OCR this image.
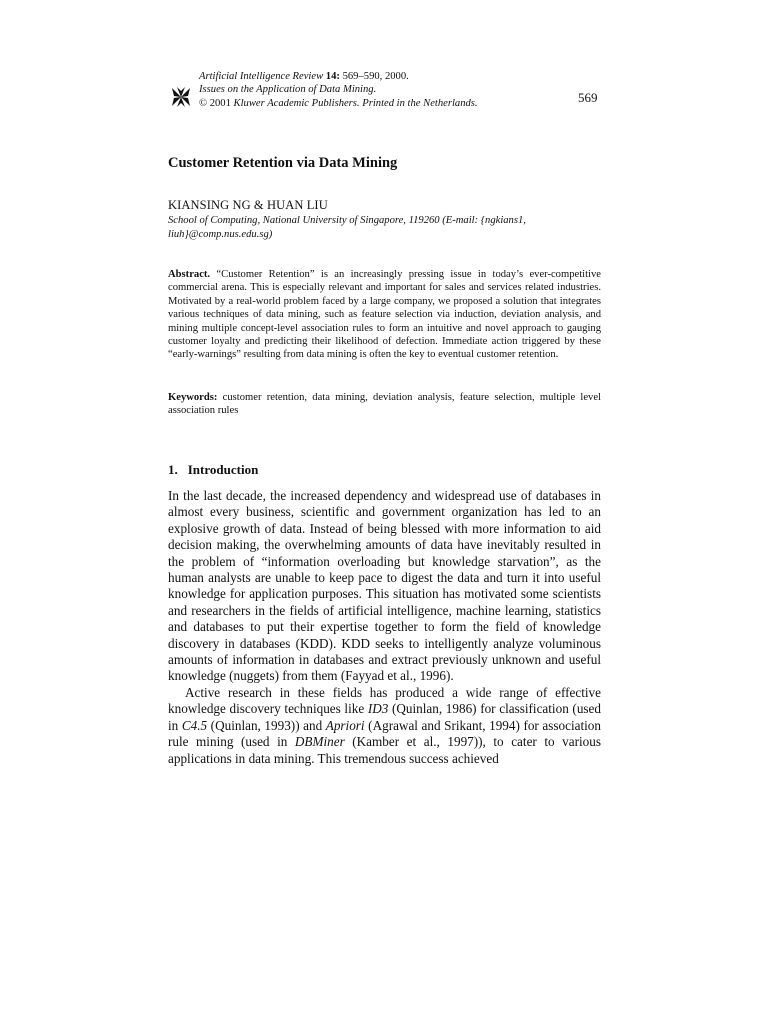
Artificial Intelligence Review 14: 569–590, 2000.
Issues on the Application of Data Mining.
© 2001 Kluwer Academic Publishers. Printed in the Netherlands.	569
Customer Retention via Data Mining
KIANSING NG & HUAN LIU
School of Computing, National University of Singapore, 119260 (E-mail: {ngkians1, liuh}@comp.nus.edu.sg)
Abstract. “Customer Retention” is an increasingly pressing issue in today’s ever-competitive commercial arena. This is especially relevant and important for sales and services related industries. Motivated by a real-world problem faced by a large company, we proposed a solution that integrates various techniques of data mining, such as feature selection via induction, deviation analysis, and mining multiple concept-level association rules to form an intuitive and novel approach to gauging customer loyalty and predicting their likelihood of defection. Immediate action triggered by these “early-warnings” resulting from data mining is often the key to eventual customer retention.
Keywords: customer retention, data mining, deviation analysis, feature selection, multiple level association rules
1. Introduction

In the last decade, the increased dependency and widespread use of databases in almost every business, scientific and government organization has led to an explosive growth of data. Instead of being blessed with more information to aid decision making, the overwhelming amounts of data have inevitably resulted in the problem of “information overloading but knowledge starvation”, as the human analysts are unable to keep pace to digest the data and turn it into useful knowledge for application purposes. This situation has motivated some scientists and researchers in the fields of artificial intelligence, machine learning, statistics and databases to put their expertise together to form the field of knowledge discovery in databases (KDD). KDD seeks to intelligently analyze voluminous amounts of information in databases and extract previously unknown and useful knowledge (nuggets) from them (Fayyad et al., 1996).

Active research in these fields has produced a wide range of effective knowledge discovery techniques like ID3 (Quinlan, 1986) for classification (used in C4.5 (Quinlan, 1993)) and Apriori (Agrawal and Srikant, 1994) for association rule mining (used in DBMiner (Kamber et al., 1997)), to cater to various applications in data mining. This tremendous success achieved
